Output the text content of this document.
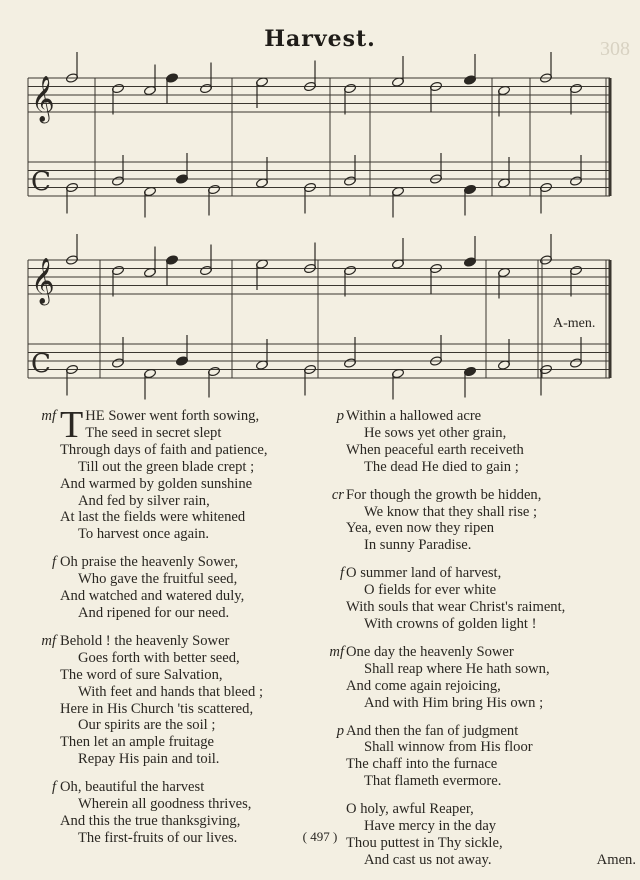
Harvest.	308
𝄞
C
𝄞
C
A-men.
mf T HE Sower went forth sowing,
The seed in secret slept
Through days of faith and patience,
Till out the green blade crept ;
And warmed by golden sunshine
And fed by silver rain,
At last the fields were whitened
To harvest once again.
f Oh praise the heavenly Sower,
Who gave the fruitful seed,
And watched and watered duly,
And ripened for our need.
mf Behold ! the heavenly Sower
Goes forth with better seed,
The word of sure Salvation,
With feet and hands that bleed ;
Here in His Church 'tis scattered,
Our spirits are the soil ;
Then let an ample fruitage
Repay His pain and toil.
f Oh, beautiful the harvest
Wherein all goodness thrives,
And this the true thanksgiving,
The first-fruits of our lives.
p Within a hallowed acre
He sows yet other grain,
When peaceful earth receiveth
The dead He died to gain ;
cr For though the growth be hidden,
We know that they shall rise ;
Yea, even now they ripen
In sunny Paradise.
f O summer land of harvest,
O fields for ever white
With souls that wear Christ's raiment,
With crowns of golden light !
mf One day the heavenly Sower
Shall reap where He hath sown,
And come again rejoicing,
And with Him bring His own ;
p And then the fan of judgment
Shall winnow from His floor
The chaff into the furnace
That flameth evermore.
O holy, awful Reaper,
Have mercy in the day
Thou puttest in Thy sickle,
And cast us not away.	Amen.
( 497 )
